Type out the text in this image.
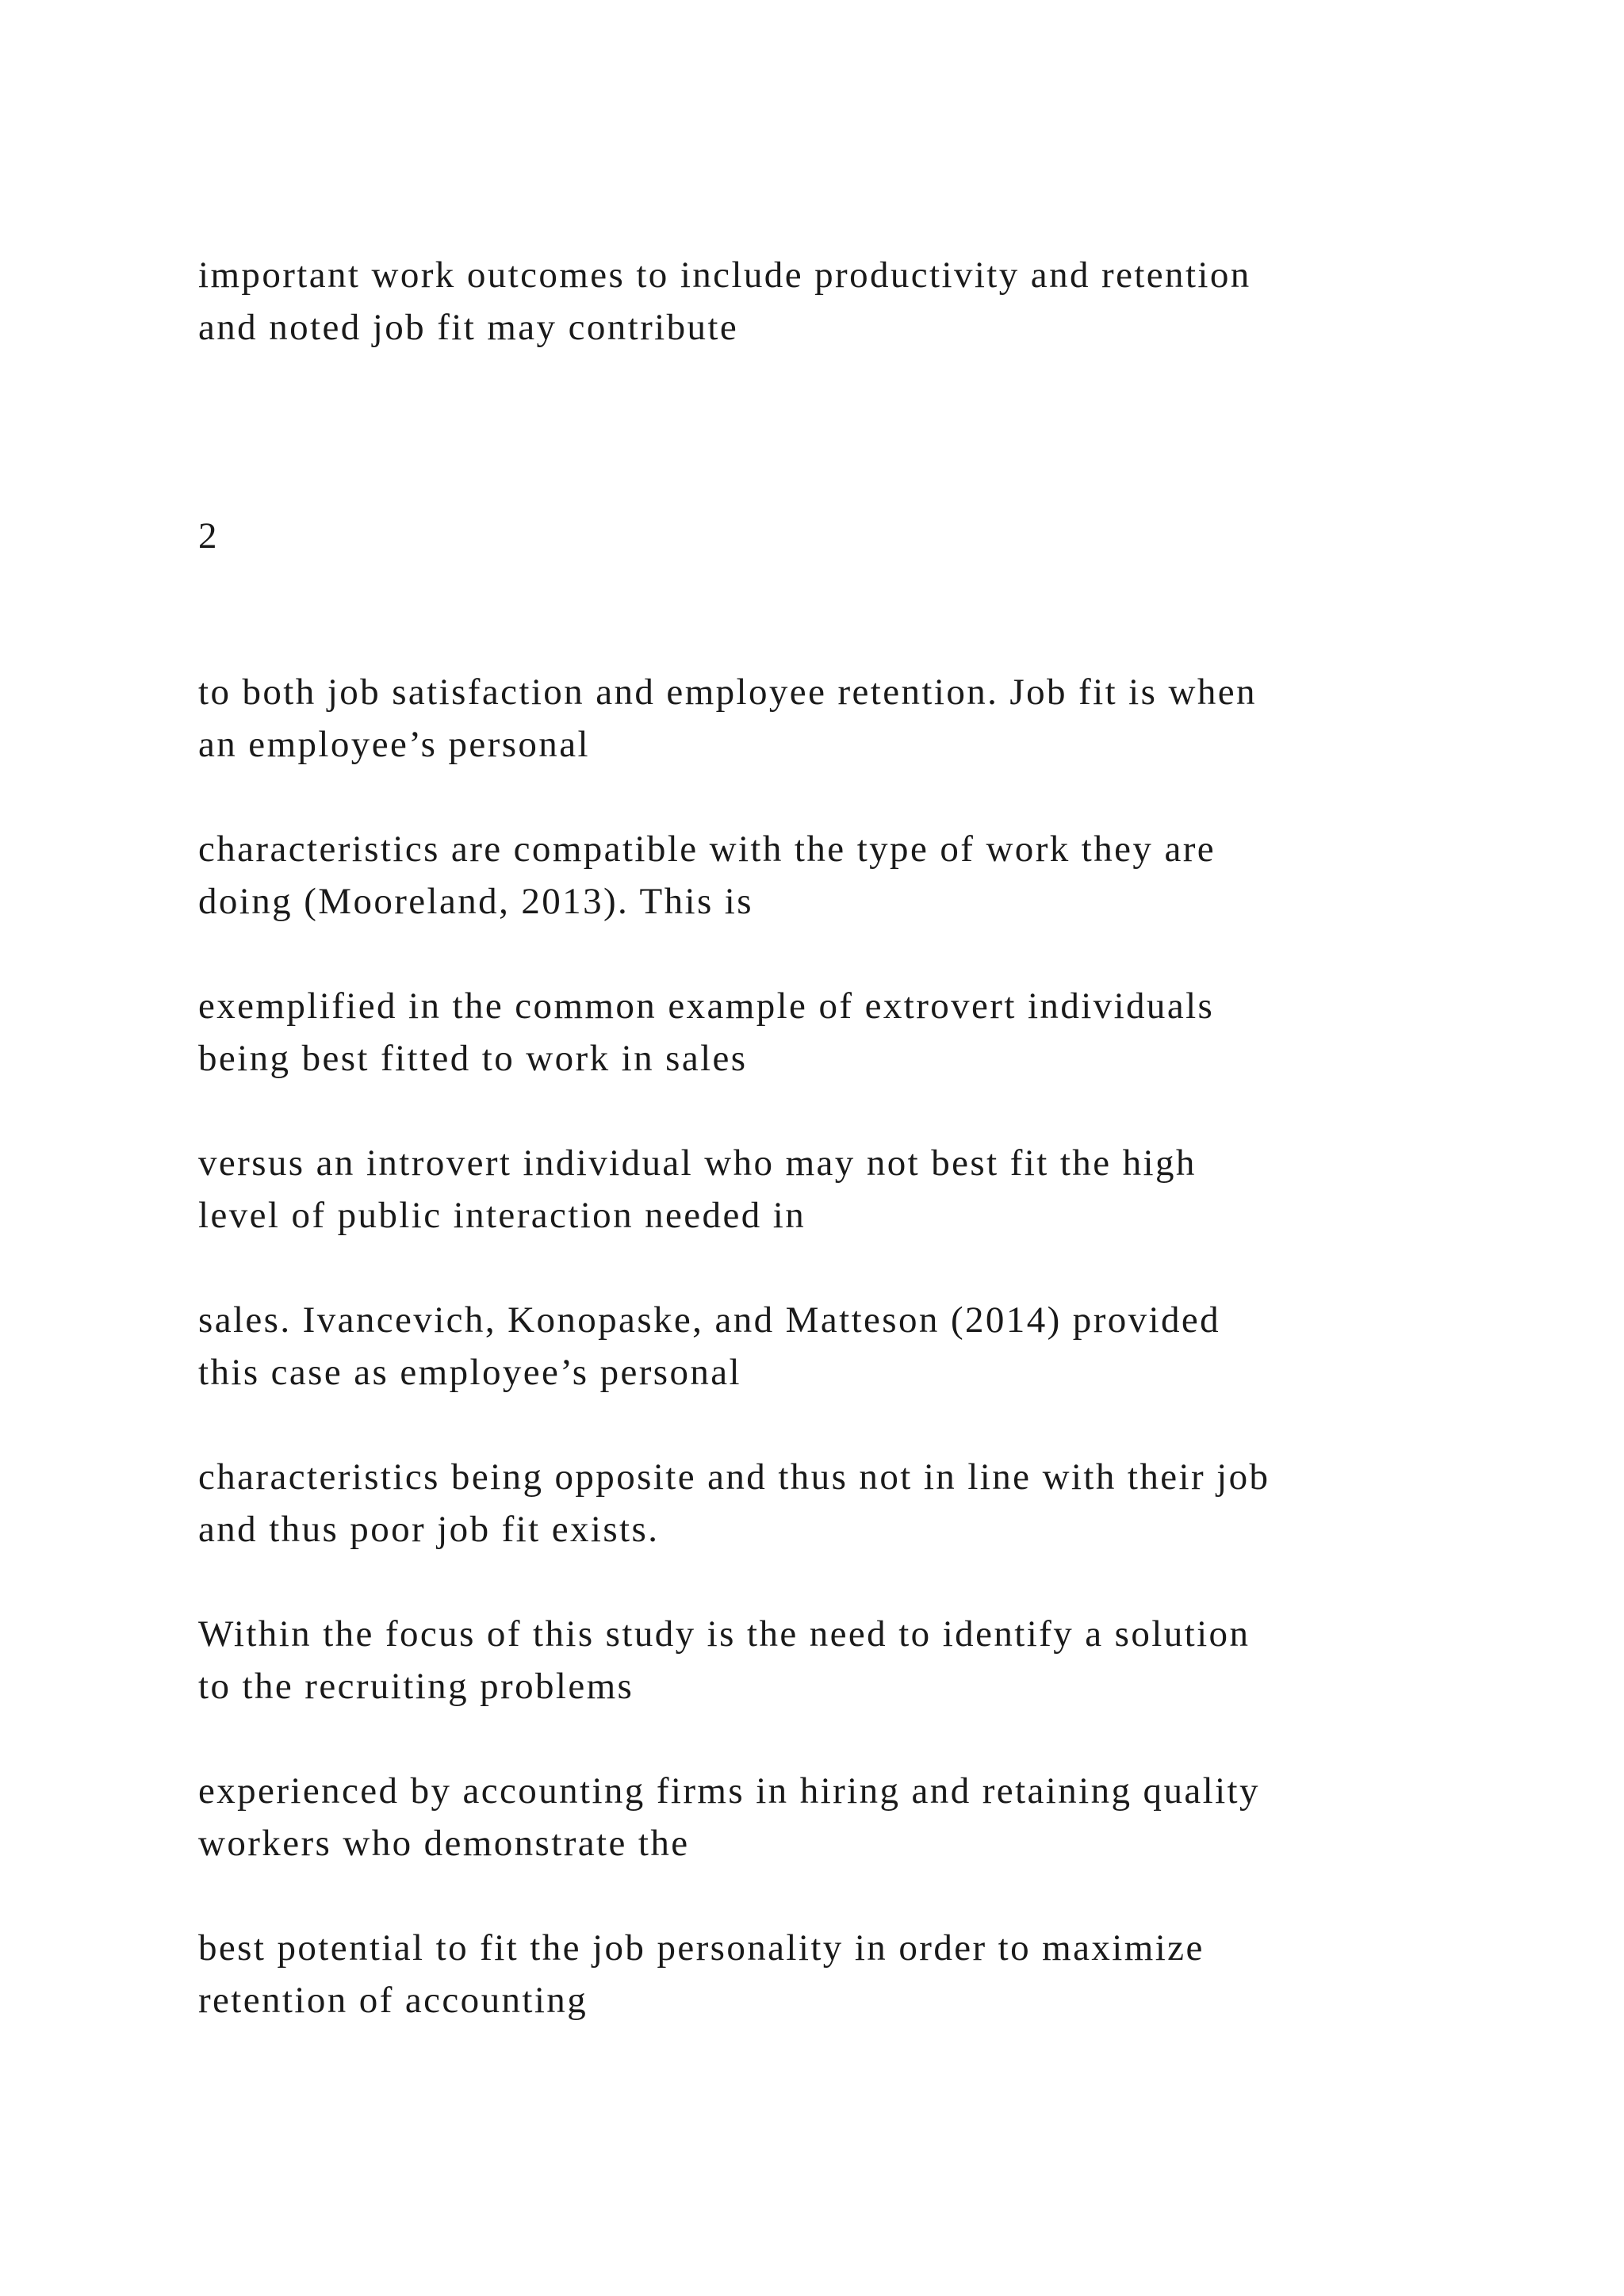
important work outcomes to include productivity and retention
and noted job fit may contribute

2

to both job satisfaction and employee retention. Job fit is when
an employee’s personal

characteristics are compatible with the type of work they are
doing (Mooreland, 2013). This is

exemplified in the common example of extrovert individuals
being best fitted to work in sales

versus an introvert individual who may not best fit the high
level of public interaction needed in

sales. Ivancevich, Konopaske, and Matteson (2014) provided
this case as employee’s personal

characteristics being opposite and thus not in line with their job
and thus poor job fit exists.

Within the focus of this study is the need to identify a solution
to the recruiting problems

experienced by accounting firms in hiring and retaining quality
workers who demonstrate the

best potential to fit the job personality in order to maximize
retention of accounting
